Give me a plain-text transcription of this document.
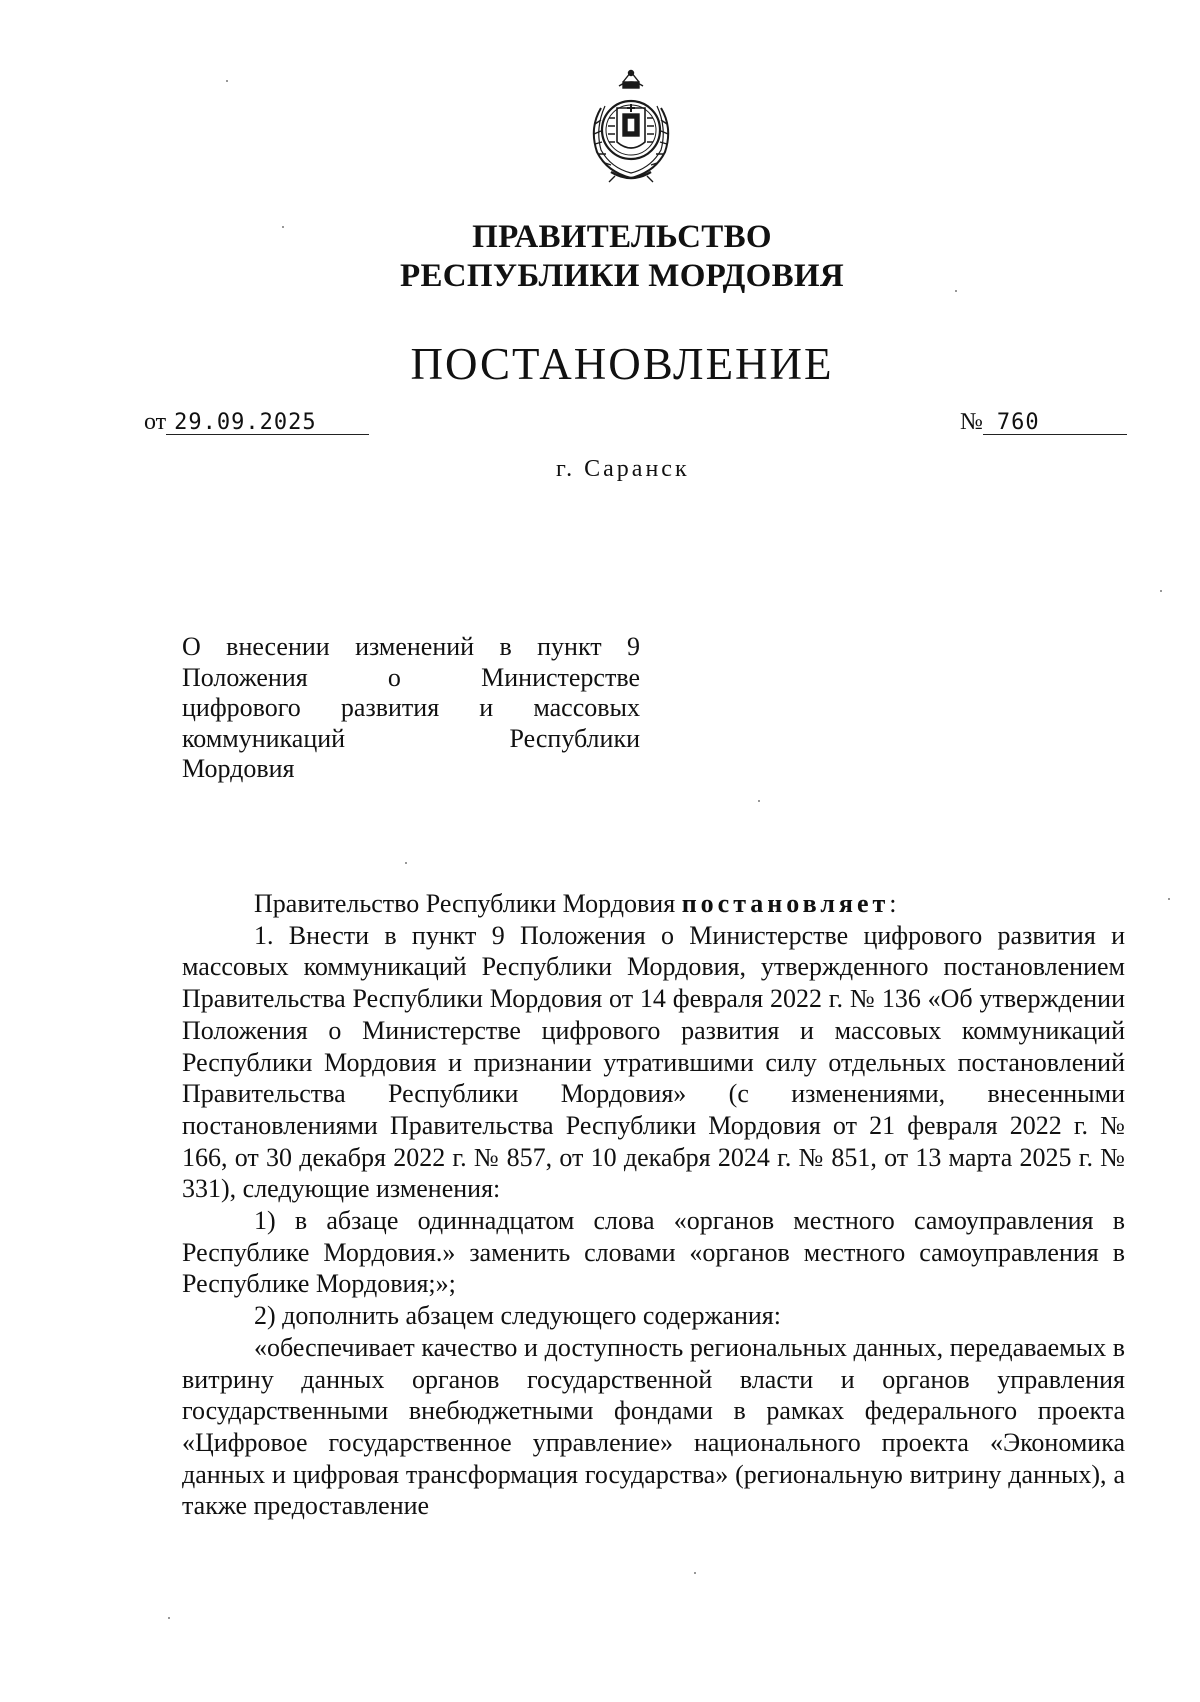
ПРАВИТЕЛЬСТВО
РЕСПУБЛИКИ МОРДОВИЯ
ПОСТАНОВЛЕНИЕ
от 29.09.2025	№ 760
г. Саранск
О внесении изменений в пункт 9
Положения о Министерстве
цифрового развития и массовых
коммуникаций Республики
Мордовия

Правительство Республики Мордовия постановляет:

1. Внести в пункт 9 Положения о Министерстве цифрового развития и массовых коммуникаций Республики Мордовия, утвержденного постановлением Правительства Республики Мордовия от 14 февраля 2022 г. № 136 «Об утверждении Положения о Министерстве цифрового развития и массовых коммуникаций Республики Мордовия и признании утратившими силу отдельных постановлений Правительства Республики Мордовия» (с изменениями, внесенными постановлениями Правительства Республики Мордовия от 21 февраля 2022 г. № 166, от 30 декабря 2022 г. № 857, от 10 декабря 2024 г. № 851, от 13 марта 2025 г. № 331), следующие изменения:

1) в абзаце одиннадцатом слова «органов местного самоуправления в Республике Мордовия.» заменить словами «органов местного самоуправления в Республике Мордовия;»;

2) дополнить абзацем следующего содержания:

«обеспечивает качество и доступность региональных данных, передаваемых в витрину данных органов государственной власти и органов управления государственными внебюджетными фондами в рамках федерального проекта «Цифровое государственное управление» национального проекта «Экономика данных и цифровая трансформация государства» (региональную витрину данных), а также предоставление
